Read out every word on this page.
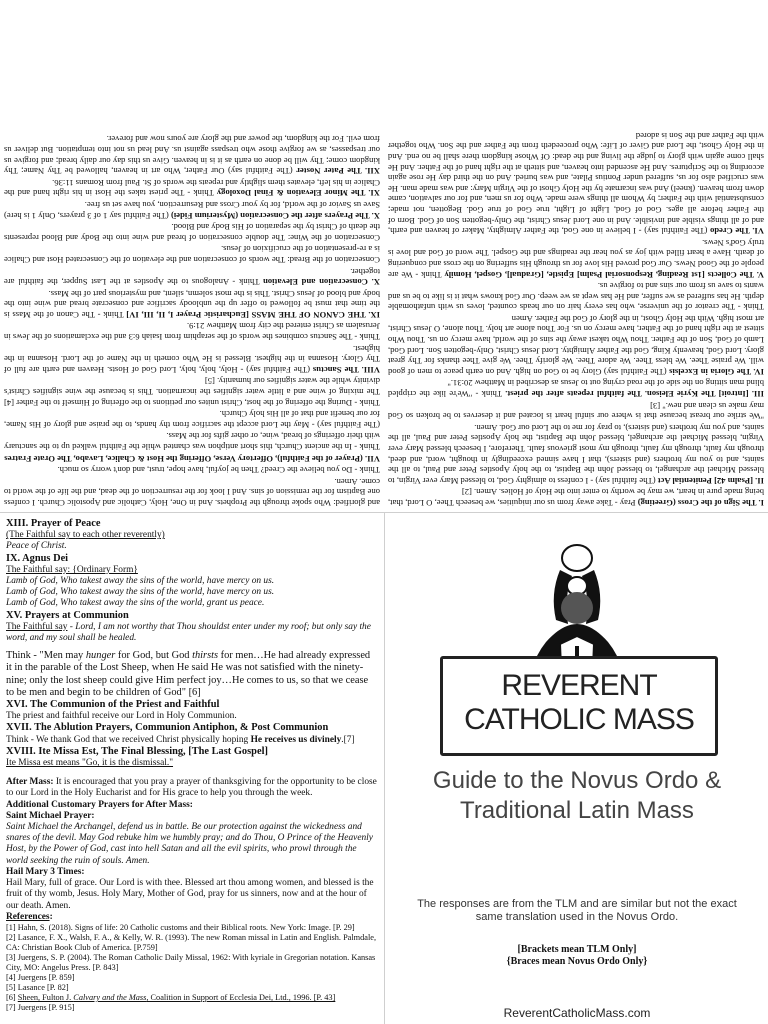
and glorified: Who spoke through the Prophets. And in One, Holy, Catholic and Apostolic Church. I confess one Baptism for the remission of sins. And I look for the resurrection of the dead, and the life of the world to come. Amen.

Think - Do you believe the Creed? Then be joyful, have hope, trust, and don't worry so much.

VII. (Prayer of the Faithful), Offertory Verse, Offering the Host & Chalice, Lavabo, The Orate Fratres

Think - In the ancient Church, this short antiphon was chanted while the Faithful walked up to the sanctuary with their offerings of bread, wine, or other gifts for the Mass.

(The Faithful say) - May the Lord accept the sacrifice from thy hands, to the praise and glory of His Name, for our benefit and that of all His holy Church.

Think - During the offering of the host, Christ unites our petitions to the offering of Himself to the Father [4] The mixing of wine and a little water signifies the incarnation. This is because the wine signifies Christ's divinity while the water signifies our humanity. [5]

VIII. The Sanctus (The Faithful say) - Holy, holy, holy, Lord God of Hosts. Heaven and earth are full of Thy Glory. Hosanna in the highest. Blessed is He Who cometh in the Name of the Lord. Hosanna in the highest.

Think - The Sanctus combines the words of the seraphim from Isaiah 6:3 and the exclamations of the Jews in Jerusalem as Christ entered the city from Matthew 21:9.

IX. THE CANON OF THE MASS [Eucharistic Prayer I, II, III, IV] Think - The Canon of the Mass is the time that must be followed to offer up the unbloody sacrifice and consecrate bread and wine into the body and blood of Jesus Christ. This is the most solemn, silent, and mysterious part of the Mass.

X. Consecration and Elevation Think - Analogous to the Apostles at the Last Supper, the faithful are together.

Consecration of the Bread: The words of consecration and the elevation of the Consecrated Host and Chalice is a re-presentation of the crucifixion of Jesus.

Consecration of the Wine: The double consecration of bread and wine into the Body and Blood represents the death of Christ by the separation of His Body and Blood.

X. The Prayers after the Consecration (Mysterium Fidei) (The Faithful say 1 of 3 prayers, Only 1 is here) Save us Savior of the world, for by your Cross and Resurrection, you have set us free.

XI. The Minor Elevation & Final Doxology Think - The priest takes the Host in his right hand and the Chalice in his left, elevates them slightly and repeats the words of St. Paul from Romans 11:36.

XII. The Pater Noster (The Faithful say) Our Father, Who art in heaven, hallowed be Thy Name; Thy kingdom come; Thy will be done on earth as it is in heaven. Give us this day our daily bread; and forgive us our trespasses, as we forgive those who trespass against us. And lead us not into temptation. But deliver us from evil. For the kingdom, the power and the glory are yours now and forever.

I. The Sign of the Cross (Greeting) Pray - Take away from us our iniquities, we beseech Thee, O Lord, that, being made pure in heart, we may be worthy to enter into the Holy of Holies. Amen. [2]

II. [Psalm 42] Penitential Act (The faithful say) - I confess to almighty God, to blessed Mary ever Virgin, to blessed Michael the archangel, to blessed John the Baptist, to the holy Apostles Peter and Paul, to all the saints, and to you my brothers (and sisters), that I have sinned exceedingly in thought, word, and deed, through my fault, through my fault, through my most grievous fault. Therefore, I beseech blessed Mary ever Virgin, blessed Michael the archangel, blessed John the Baptist, the holy Apostles Peter and Paul, all the saints, and you my brothers (and sisters), to pray for me to the Lord our God. Amen.

"We strike our breast because that is where our sinful heart is located and it deserves to be broken so God may make us clean and new." [3]

III. [Introit] The Kyrie Eleison. The faithful repeats after the priest. Think - "We're like the crippled blind man sitting on the side of the road crying out to Jesus as described in Matthew 20:31."

IV. The Gloria in Excelsis (The Faithful say) Glory be to God on high. And on earth peace to men of good will. We praise Thee. We bless Thee. We adore Thee. We glorify Thee. We give Thee thanks for Thy great glory. Lord God, heavenly King, God the Father Almighty. Lord Jesus Christ, Only-begotten Son. Lord God, Lamb of God, Son of the Father. Thou Who takest away the sins of the world, have mercy on us. Thou Who sittest at the right hand of the Father, have mercy on us. For Thou alone art holy. Thou alone, O Jesus Christ, art most high. With the Holy Ghost, in the glory of God the Father. Amen

Think - The creator of the universe, who has every hair on our heads counted, loves us with unfathomable depth. He has suffered as we suffer, and He has wept as we weep. Our God knows what it is like to be us and wants to save us from our sins and to forgive us.

V. The Collects [1st Reading, Responsorial Psalm] Epistle, [Gradual], Gospel, Homily Think - We are people of the Good News. Our God proved His love for us through His suffering on the cross and conquering of death. Have a heart filled with joy as you hear the readings and the Gospel. The word of God and love is truly God's News.

VI. The Credo (The Faithful say) - I believe in one God, the Father Almighty, Maker of heaven and earth, and of all things visible and invisible. And in one Lord Jesus Christ, the Only-begotten Son of God. Born of the Father before all ages. God of God, Light of Light, true God of true God. Begotten, not made; consubstantial with the Father; by Whom all things were made. Who for us men, and for our salvation, came down from heaven. (kneel) And was incarnate by the Holy Ghost of the Virgin Mary: and was made man. He was crucified also for us, suffered under Pontius Pilate, and was buried. And on the third day He rose again according to the Scriptures. And He ascended into heaven, and sitteth at the right hand of the Father. And He shall come again with glory to judge the living and the dead: Of Whose kingdom there shall be no end. And in the Holy Ghost, the Lord and Giver of Life: Who proceedeth from the Father and the Son. Who together with the Father and the Son is adored

XIII. Prayer of Peace

(The Faithful say to each other reverently)

Peace of Christ.

IX. Agnus Dei

The Faithful say: {Ordinary Form}

Lamb of God, Who takest away the sins of the world, have mercy on us.

Lamb of God, Who takest away the sins of the world, have mercy on us.

Lamb of God, Who takest away the sins of the world, grant us peace.

XV. Prayers at Communion

The Faithful say - Lord, I am not worthy that Thou shouldst enter under my roof; but only say the word, and my soul shall be healed.

Think - "Men may hunger for God, but God thirsts for men…He had already expressed it in the parable of the Lost Sheep, when He said He was not satisfied with the ninety-nine; only the lost sheep could give Him perfect joy…He comes to us, so that we cease to be men and begin to be children of God" [6]

XVI. The Communion of the Priest and Faithful

The priest and faithful receive our Lord in Holy Communion.

XVII. The Ablution Prayers, Communion Antiphon, & Post Communion

Think - We thank God that we received Christ physically hoping He receives us divinely.[7]

XVIII. Ite Missa Est, The Final Blessing, [The Last Gospel]

Ite Missa est means "Go, it is the dismissal."

After Mass: It is encouraged that you pray a prayer of thanksgiving for the opportunity to be close to our Lord in the Holy Eucharist and for His grace to help you through the week.

Additional Customary Prayers for After Mass:

Saint Michael Prayer:

Saint Michael the Archangel, defend us in battle. Be our protection against the wickedness and snares of the devil. May God rebuke him we humbly pray; and do Thou, O Prince of the Heavenly Host, by the Power of God, cast into hell Satan and all the evil spirits, who prowl through the world seeking the ruin of souls. Amen.

Hail Mary 3 Times:

Hail Mary, full of grace. Our Lord is with thee. Blessed art thou among women, and blessed is the fruit of thy womb, Jesus. Holy Mary, Mother of God, pray for us sinners, now and at the hour of our death. Amen.

References:

[1] Hahn, S. (2018). Signs of life: 20 Catholic customs and their Biblical roots. New York: Image. [P. 29]

[2] Lasance, F. X., Walsh, F. A., & Kelly, W. R. (1993). The new Roman missal in Latin and English. Palmdale, CA: Christian Book Club of America. [P.759]

[3] Juergens, S. P. (2004). The Roman Catholic Daily Missal, 1962: With kyriale in Gregorian notation. Kansas City, MO: Angelus Press. [P. 843]

[4] Juergens [P. 859]

[5] Lasance [P. 82]

[6] Sheen, Fulton J. Calvary and the Mass, Coalition in Support of Ecclesia Dei, Ltd., 1996. [P. 43]

[7] Juergens [P. 915]

REVERENT
CATHOLIC MASS
Guide to the Novus Ordo & Traditional Latin Mass
The responses are from the TLM and are similar but not the exact same translation used in the Novus Ordo.
[Brackets mean TLM Only]
{Braces mean Novus Ordo Only}
ReverentCatholicMass.com
